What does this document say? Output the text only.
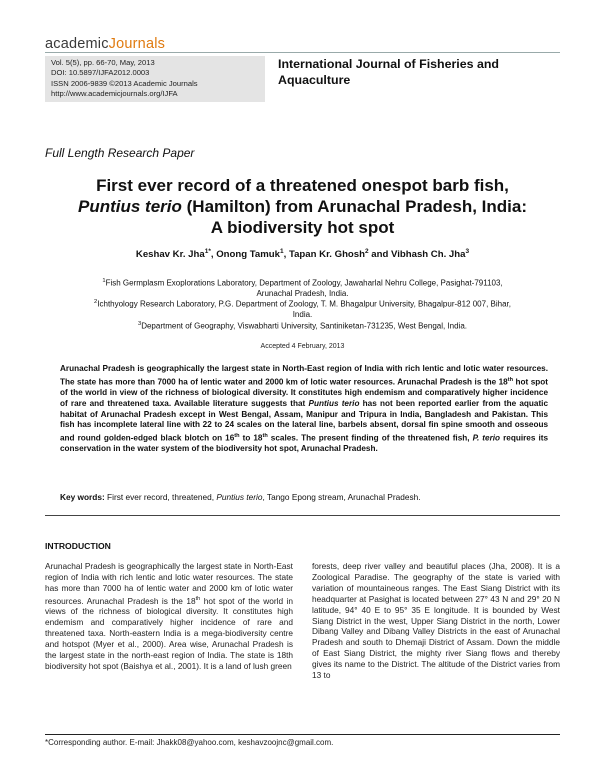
academicJournals
Vol. 5(5), pp. 66-70, May, 2013
DOI: 10.5897/IJFA2012.0003
ISSN 2006-9839 ©2013 Academic Journals
http://www.academicjournals.org/IJFA
International Journal of Fisheries and
Aquaculture
Full Length Research Paper
First ever record of a threatened onespot barb fish,
Puntius terio (Hamilton) from Arunachal Pradesh, India:
A biodiversity hot spot
Keshav Kr. Jha$^{1*}$, Onong Tamuk$^1$, Tapan Kr. Ghosh$^2$ and Vibhash Ch. Jha$^3$
$^1$Fish Germplasm Exoplorations Laboratory, Department of Zoology, Jawaharlal Nehru College, Pasighat-791103,
Arunachal Pradesh, India.
$^2$Ichthyology Research Laboratory, P.G. Department of Zoology, T. M. Bhagalpur University, Bhagalpur-812 007, Bihar,
India.
$^3$Department of Geography, Viswabharti University, Santiniketan-731235, West Bengal, India.
Accepted 4 February, 2013
Arunachal Pradesh is geographically the largest state in North-East region of India with rich lentic and lotic water resources. The state has more than 7000 ha of lentic water and 2000 km of lotic water resources. Arunachal Pradesh is the 18th hot spot of the world in view of the richness of biological diversity. It constitutes high endemism and comparatively higher incidence of rare and threatened taxa. Available literature suggests that Puntius terio has not been reported earlier from the aquatic habitat of Arunachal Pradesh except in West Bengal, Assam, Manipur and Tripura in India, Bangladesh and Pakistan. This fish has incomplete lateral line with 22 to 24 scales on the lateral line, barbels absent, dorsal fin spine smooth and osseous and round golden-edged black blotch on 16th to 18th scales. The present finding of the threatened fish, P. terio requires its conservation in the water system of the biodiversity hot spot, Arunachal Pradesh.
Key words: First ever record, threatened, Puntius terio, Tango Epong stream, Arunachal Pradesh.
INTRODUCTION
Arunachal Pradesh is geographically the largest state in North-East region of India with rich lentic and lotic water resources. The state has more than 7000 ha of lentic water and 2000 km of lotic water resources. Arunachal Pradesh is the 18th hot spot of the world in views of the richness of biological diversity. It constitutes high endemism and comparatively higher incidence of rare and threatened taxa. North-eastern India is a mega-biodiversity centre and hotspot (Myer et al., 2000). Area wise, Arunachal Pradesh is the largest state in the north-east region of India. The state is 18th biodiversity hot spot (Baishya et al., 2001). It is a land of lush green
forests, deep river valley and beautiful places (Jha, 2008). It is a Zoological Paradise. The geography of the state is varied with variation of mountaineous ranges. The East Siang District with its headquarter at Pasighat is located between 27° 43 N and 29° 20 N latitude, 94° 40 E to 95° 35 E longitude. It is bounded by West Siang District in the west, Upper Siang District in the north, Lower Dibang Valley and Dibang Valley Districts in the east of Arunachal Pradesh and south to Dhemaji District of Assam. Down the middle of East Siang District, the mighty river Siang flows and thereby gives its name to the District. The altitude of the District varies from 13 to
*Corresponding author. E-mail: Jhakk08@yahoo.com, keshavzoojnc@gmail.com.
